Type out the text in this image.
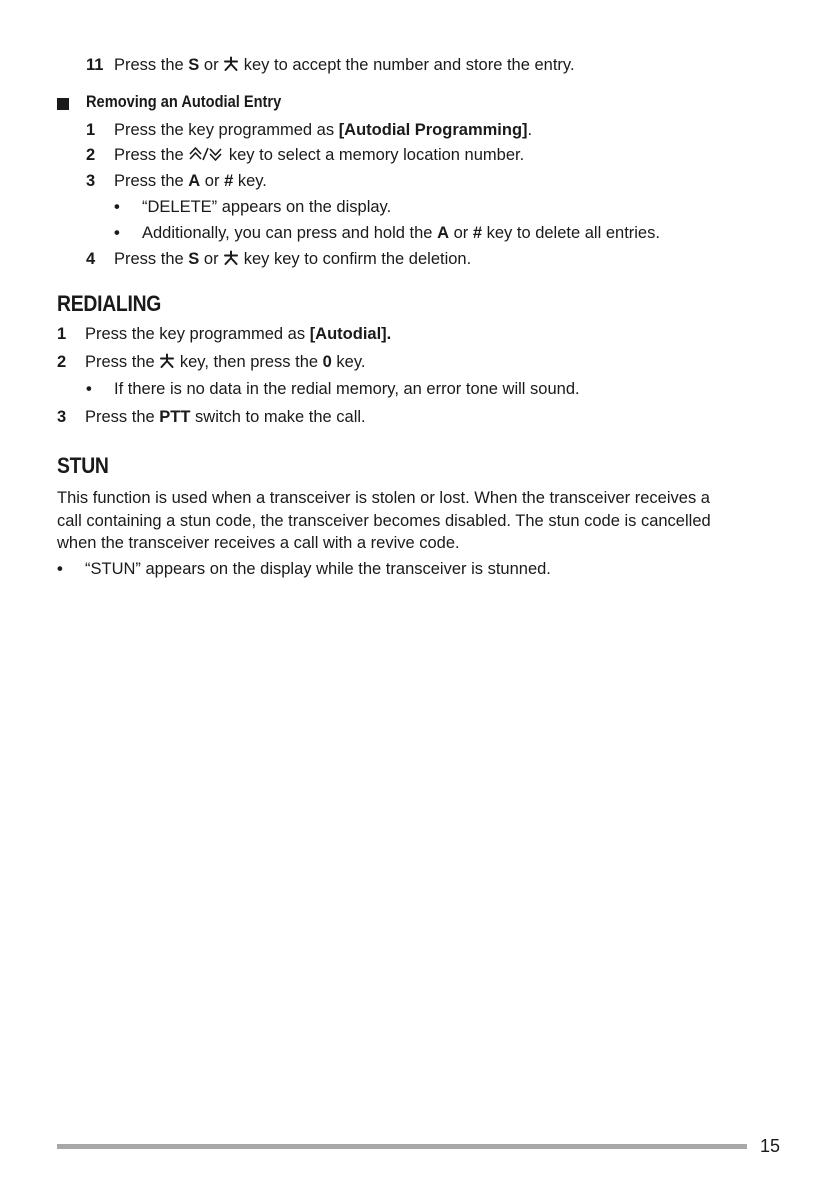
11 Press the S or  key to accept the number and store the entry.
Removing an Autodial Entry
1 Press the key programmed as [Autodial Programming].
2 Press the  key to select a memory location number.
3 Press the A or # key.
• “DELETE” appears on the display.
• Additionally, you can press and hold the A or # key to delete all entries.
4 Press the S or  key key to confirm the deletion.
REDIALING
1 Press the key programmed as [Autodial].
2 Press the  key, then press the 0 key.
• If there is no data in the redial memory, an error tone will sound.
3 Press the PTT switch to make the call.
STUN
This function is used when a transceiver is stolen or lost. When the transceiver receives a
call containing a stun code, the transceiver becomes disabled. The stun code is cancelled
when the transceiver receives a call with a revive code.
• “STUN” appears on the display while the transceiver is stunned.
15
